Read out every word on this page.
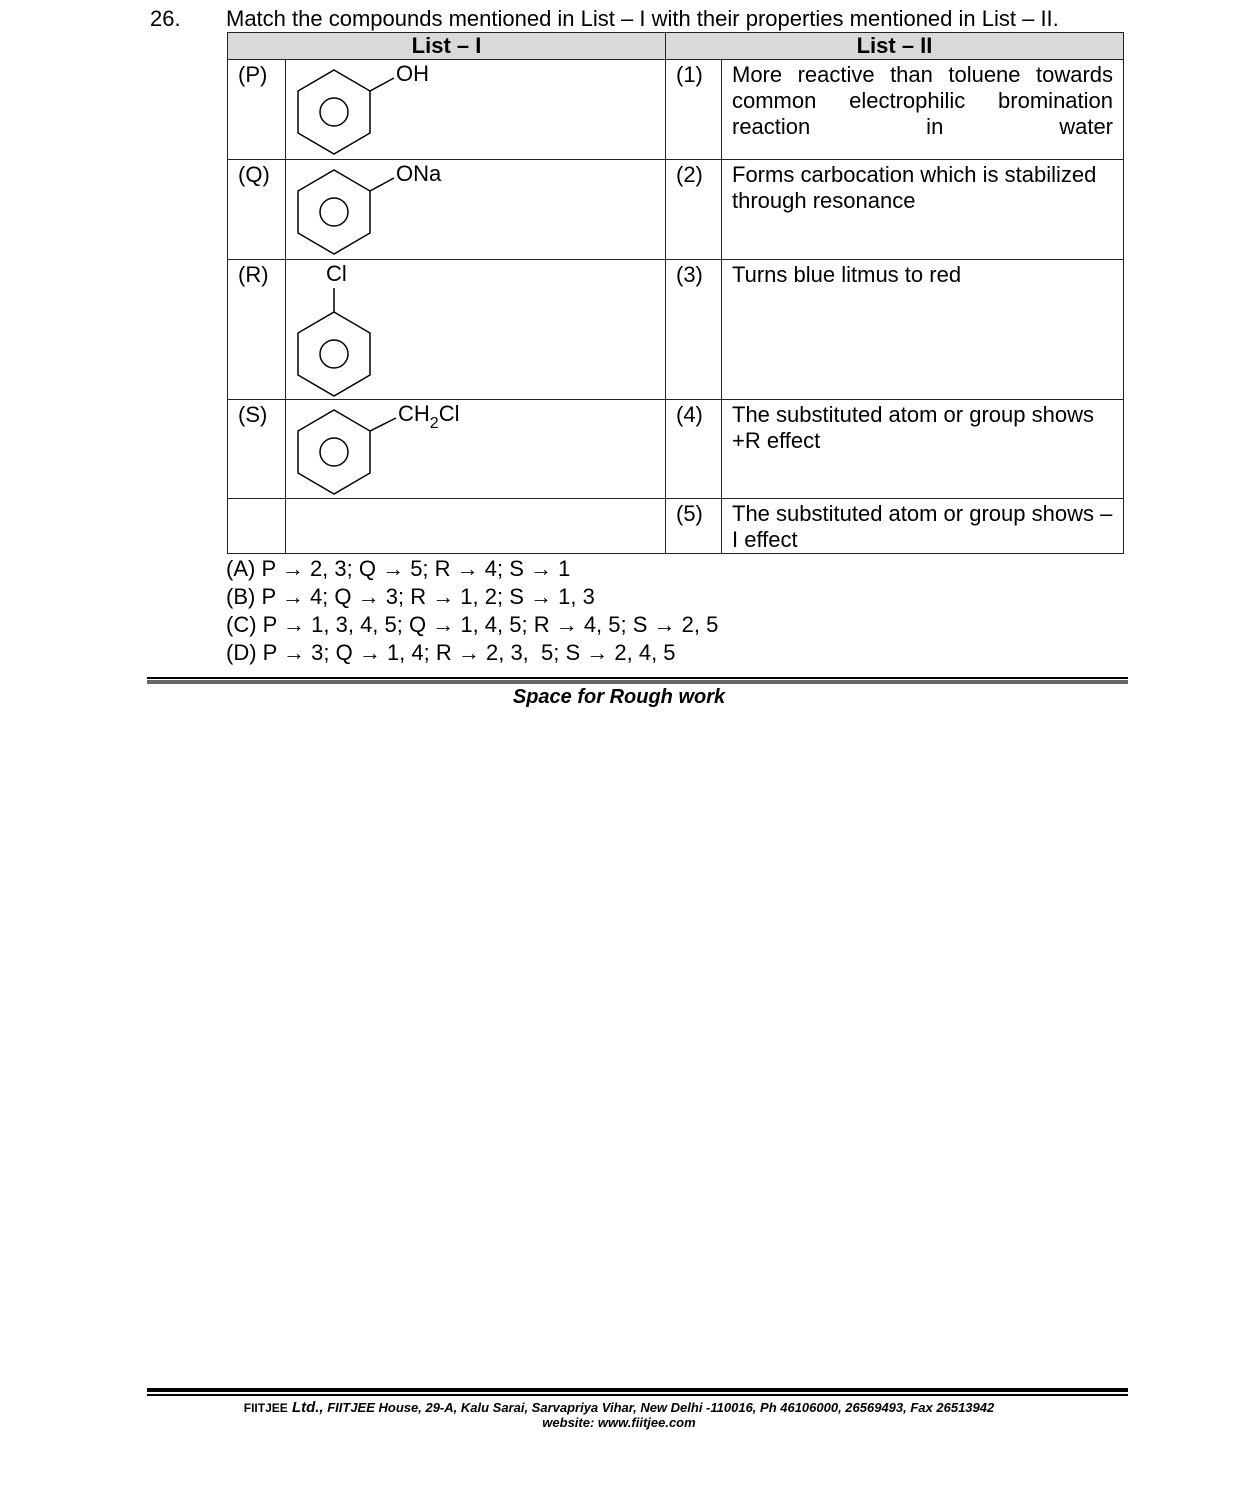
26. Match the compounds mentioned in List – I with their properties mentioned in List – II.
List – I		List – II	
(P)	OH	(1)	More reactive than toluene towards common electrophilic bromination reaction in water
(Q)	ONa	(2)	Forms carbocation which is stabilized through resonance
(R)	Cl	(3)	Turns blue litmus to red
(S)	$CH_2Cl$	(4)	The substituted atom or group shows +R effect
		(5)	The substituted atom or group shows –I effect
(A) P → 2, 3; Q → 5; R → 4; S → 1
(B) P → 4; Q → 3; R → 1, 2; S → 1, 3
(C) P → 1, 3, 4, 5; Q → 1, 4, 5; R → 4, 5; S → 2, 5
(D) P → 3; Q → 1, 4; R → 2, 3,  5; S → 2, 4, 5
Space for Rough work
FIITJEE Ltd., FIITJEE House, 29-A, Kalu Sarai, Sarvapriya Vihar, New Delhi -110016, Ph 46106000, 26569493, Fax 26513942
website: www.fiitjee.com
